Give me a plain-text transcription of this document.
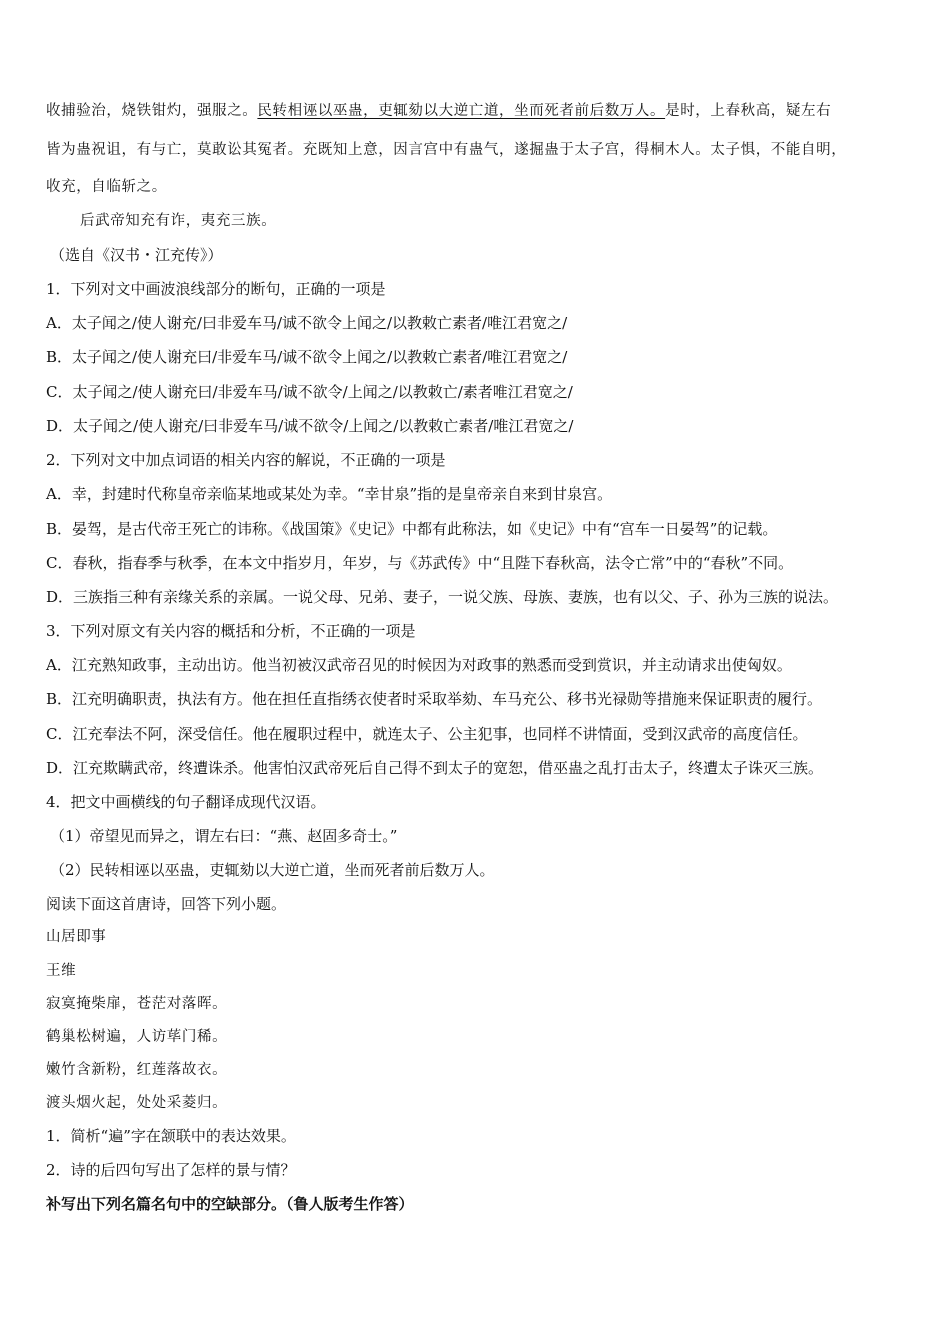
收捕验治，烧铁钳灼，强服之。民转相诬以巫蛊，吏辄劾以大逆亡道，坐而死者前后数万人。是时，上春秋高，疑左右
皆为蛊祝诅，有与亡，莫敢讼其冤者。充既知上意，因言宫中有蛊气，遂掘蛊于太子宫，得桐木人。太子惧，不能自明，
收充，自临斩之。
后武帝知充有诈，夷充三族。
（选自《汉书・江充传》）
1．下列对文中画波浪线部分的断句，正确的一项是
A．太子闻之/使人谢充/曰非爱车马/诚不欲令上闻之/以教敕亡素者/唯江君宽之/
B．太子闻之/使人谢充曰/非爱车马/诚不欲令上闻之/以教敕亡素者/唯江君宽之/
C．太子闻之/使人谢充曰/非爱车马/诚不欲令/上闻之/以教敕亡/素者唯江君宽之/
D．太子闻之/使人谢充/曰非爱车马/诚不欲令/上闻之/以教敕亡素者/唯江君宽之/
2．下列对文中加点词语的相关内容的解说，不正确的一项是
A．幸，封建时代称皇帝亲临某地或某处为幸。“幸甘泉”指的是皇帝亲自来到甘泉宫。
B．晏驾，是古代帝王死亡的讳称。《战国策》《史记》中都有此称法，如《史记》中有“宫车一日晏驾”的记载。
C．春秋，指春季与秋季，在本文中指岁月，年岁，与《苏武传》中“且陛下春秋高，法令亡常”中的“春秋”不同。
D．三族指三种有亲缘关系的亲属。一说父母、兄弟、妻子，一说父族、母族、妻族，也有以父、子、孙为三族的说法。
3．下列对原文有关内容的概括和分析，不正确的一项是
A．江充熟知政事，主动出访。他当初被汉武帝召见的时候因为对政事的熟悉而受到赏识，并主动请求出使匈奴。
B．江充明确职责，执法有方。他在担任直指绣衣使者时采取举劾、车马充公、移书光禄勋等措施来保证职责的履行。
C．江充奉法不阿，深受信任。他在履职过程中，就连太子、公主犯事，也同样不讲情面，受到汉武帝的高度信任。
D．江充欺瞒武帝，终遭诛杀。他害怕汉武帝死后自己得不到太子的宽恕，借巫蛊之乱打击太子，终遭太子诛灭三族。
4．把文中画横线的句子翻译成现代汉语。
（1）帝望见而异之，谓左右曰：“燕、赵固多奇士。”
（2）民转相诬以巫蛊，吏辄劾以大逆亡道，坐而死者前后数万人。
阅读下面这首唐诗，回答下列小题。
山居即事
王维
寂寞掩柴扉，苍茫对落晖。
鹤巢松树遍，人访荜门稀。
嫩竹含新粉，红莲落故衣。
渡头烟火起，处处采菱归。
1．简析“遍”字在颔联中的表达效果。
2．诗的后四句写出了怎样的景与情？
补写出下列名篇名句中的空缺部分。（鲁人版考生作答）
